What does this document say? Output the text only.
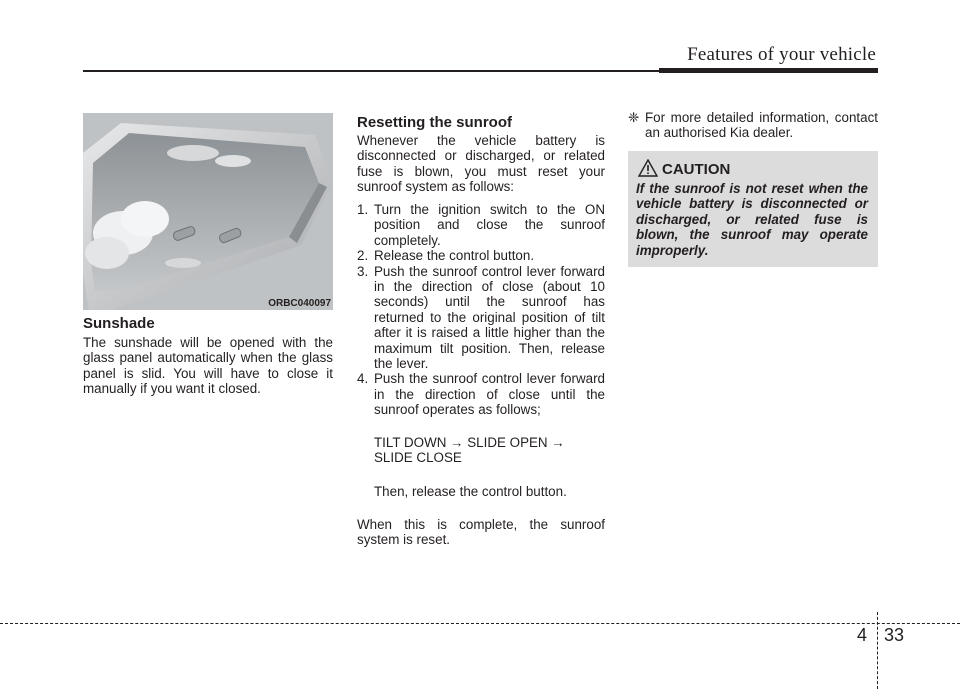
Features of your vehicle
ORBC040097
Sunshade

The sunshade will be opened with the glass panel automatically when the glass panel is slid. You will have to close it manually if you want it closed.

Resetting the sunroof

Whenever the vehicle battery is disconnected or discharged, or related fuse is blown, you must reset your sunroof system as follows:

1. Turn the ignition switch to the ON position and close the sunroof completely.
2. Release the control button.
3. Push the sunroof control lever forward in the direction of close (about 10 seconds) until the sunroof has returned to the original position of tilt after it is raised a little higher than the maximum tilt position. Then, release the lever.
4. Push the sunroof control lever forward in the direction of close until the sunroof operates as follows;
TILT DOWN → SLIDE OPEN →
SLIDE CLOSE
Then, release the control button.

When this is complete, the sunroof system is reset.

❈ For more detailed information, contact an authorised Kia dealer.
CAUTION

If the sunroof is not reset when the vehicle battery is disconnected or discharged, or related fuse is blown, the sunroof may operate improperly.

4 33
